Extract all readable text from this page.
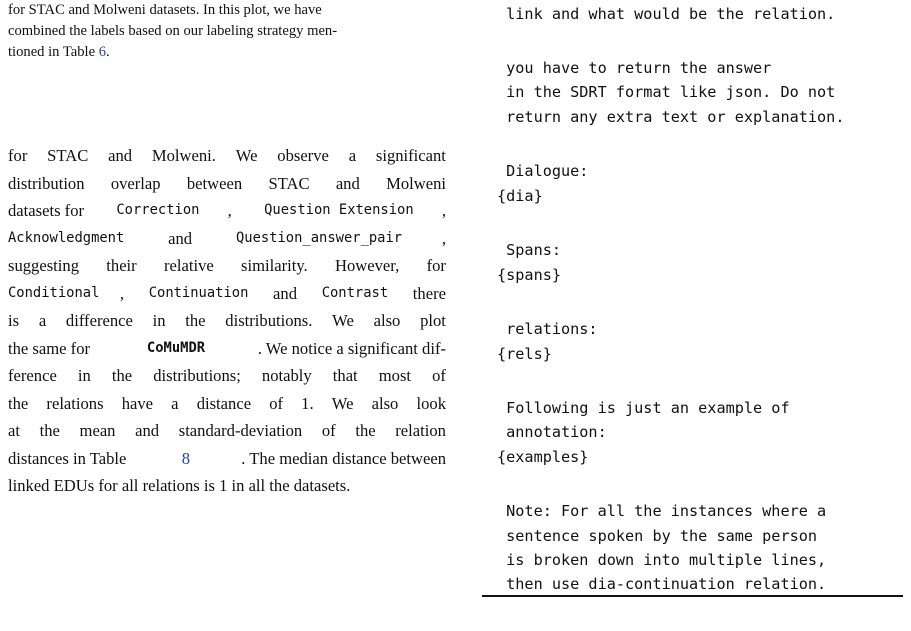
for STAC and Molweni datasets. In this plot, we have
combined the labels based on our labeling strategy men-
tioned in Table 6.

for STAC and Molweni. We observe a significant
distribution overlap between STAC and Molweni
datasets for Correction , Question Extension ,
Acknowledgment and	Question_answer_pair ,
suggesting their relative similarity. However, for
Conditional , Continuation and Contrast there
is a difference in the distributions. We also plot
the same for	CoMuMDR	. We notice a significant dif-
ference in the distributions; notably that most of
the relations have a distance of 1. We also look
at the mean and standard-deviation of the relation
distances in Table	8	. The median distance between
linked EDUs for all relations is 1 in all the datasets.

link and what would be the relation.
you have to return the answer
in the SDRT format like json. Do not
return any extra text or explanation.
Dialogue:
{dia}
Spans:
{spans}
relations:
{rels}
Following is just an example of
annotation:
{examples}
Note: For all the instances where a
sentence spoken by the same person
is broken down into multiple lines,
then use dia-continuation relation.
